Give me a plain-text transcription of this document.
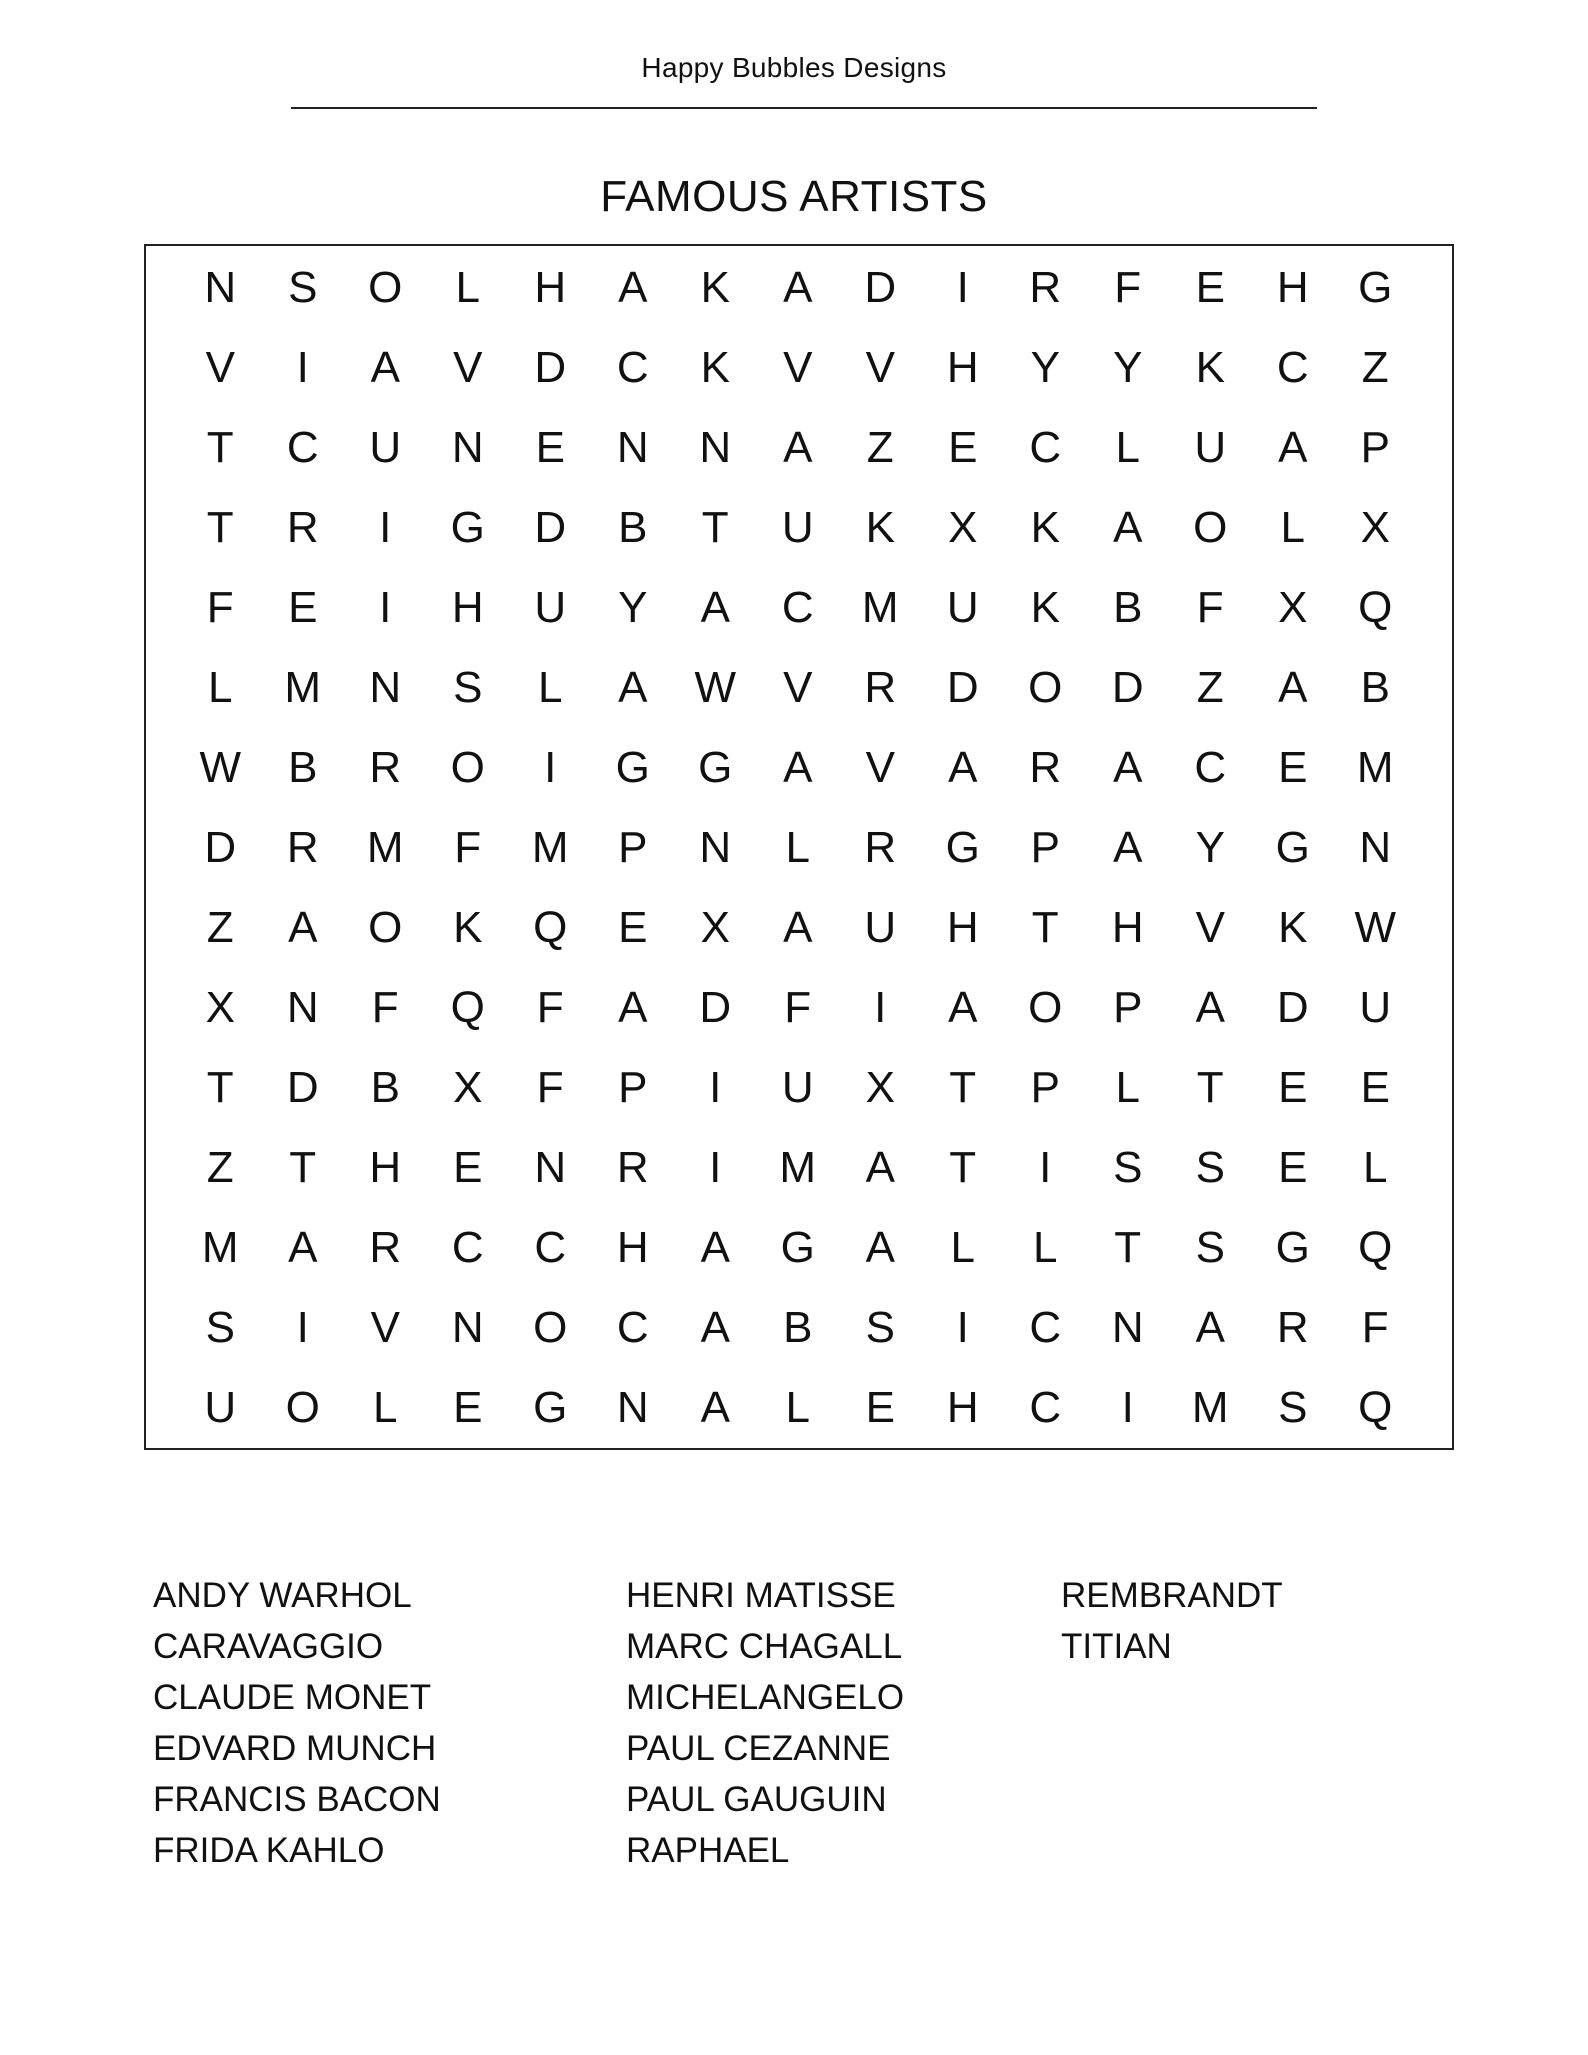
Happy Bubbles Designs
FAMOUS ARTISTS
N	S	O	L	H	A	K	A	D	I	R	F	E	H	G
V	I	A	V	D	C	K	V	V	H	Y	Y	K	C	Z
T	C	U	N	E	N	N	A	Z	E	C	L	U	A	P
T	R	I	G	D	B	T	U	K	X	K	A	O	L	X
F	E	I	H	U	Y	A	C	M	U	K	B	F	X	Q
L	M	N	S	L	A	W	V	R	D	O	D	Z	A	B
W	B	R	O	I	G	G	A	V	A	R	A	C	E	M
D	R	M	F	M	P	N	L	R	G	P	A	Y	G	N
Z	A	O	K	Q	E	X	A	U	H	T	H	V	K	W
X	N	F	Q	F	A	D	F	I	A	O	P	A	D	U
T	D	B	X	F	P	I	U	X	T	P	L	T	E	E
Z	T	H	E	N	R	I	M	A	T	I	S	S	E	L
M	A	R	C	C	H	A	G	A	L	L	T	S	G	Q
S	I	V	N	O	C	A	B	S	I	C	N	A	R	F
U	O	L	E	G	N	A	L	E	H	C	I	M	S	Q
ANDY WARHOL
CARAVAGGIO
CLAUDE MONET
EDVARD MUNCH
FRANCIS BACON
FRIDA KAHLO
HENRI MATISSE
MARC CHAGALL
MICHELANGELO
PAUL CEZANNE
PAUL GAUGUIN
RAPHAEL
REMBRANDT
TITIAN
